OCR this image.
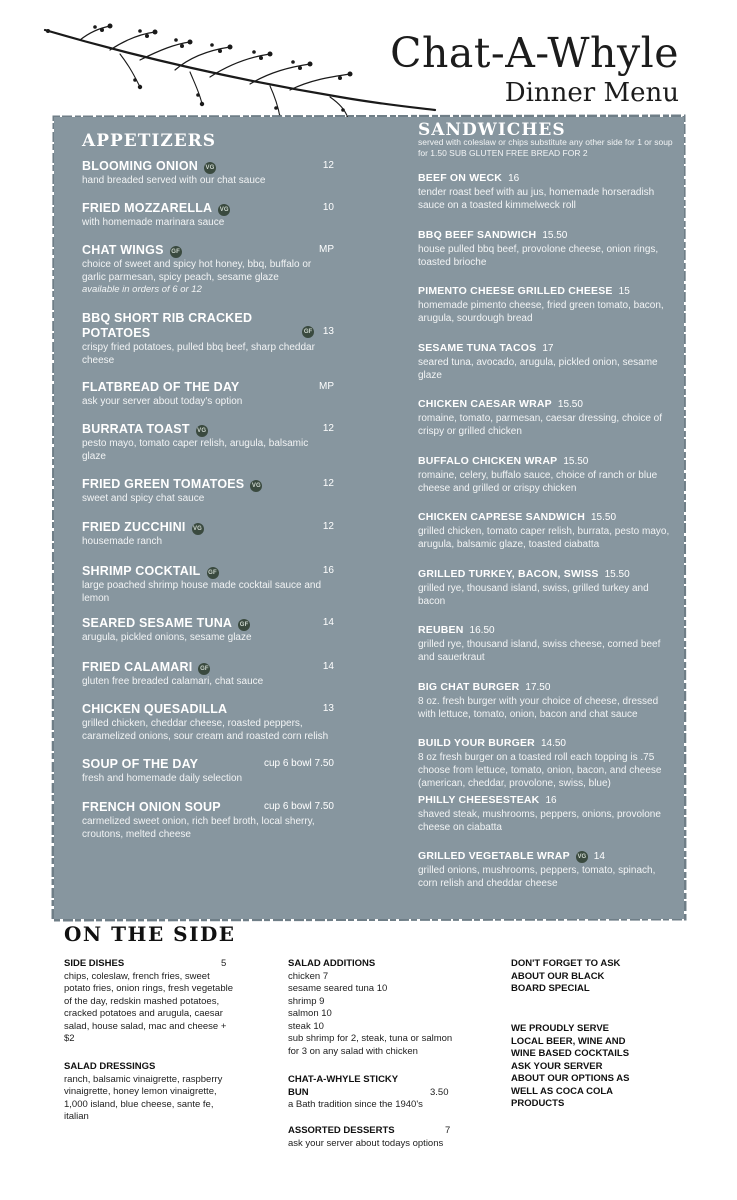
Chat-A-Whyle
Dinner Menu
APPETIZERS
BLOOMING ONION VG	12
hand breaded served with our chat sauce
FRIED MOZZARELLA VG	10
with homemade marinara sauce
CHAT WINGS GF	MP
choice of sweet and spicy hot honey, bbq, buffalo or garlic parmesan, spicy peach, sesame glaze
available in orders of 6 or 12
BBQ SHORT RIB CRACKED POTATOES	13
GF
crispy fried potatoes, pulled bbq beef, sharp cheddar cheese
FLATBREAD OF THE DAY	MP
ask your server about today's option
BURRATA TOAST VG	12
pesto mayo, tomato caper relish, arugula, balsamic glaze
FRIED GREEN TOMATOES VG	12
sweet and spicy chat sauce
FRIED ZUCCHINI VG	12
housemade ranch
SHRIMP COCKTAIL GF	16
large poached shrimp house made cocktail sauce and lemon
SEARED SESAME TUNA GF	14
arugula, pickled onions, sesame glaze
FRIED CALAMARI GF	14
gluten free breaded calamari, chat sauce
CHICKEN QUESADILLA	13
grilled chicken, cheddar cheese, roasted peppers, caramelized onions, sour cream and roasted corn relish
SOUP OF THE DAY	cup 6 bowl 7.50
fresh and homemade daily selection
FRENCH ONION SOUP	cup 6 bowl 7.50
carmelized sweet onion, rich beef broth, local sherry, croutons, melted cheese
SANDWICHES
served with coleslaw or chips substitute any other side for 1 or soup for 1.50 SUB GLUTEN FREE BREAD FOR 2
BEEF ON WECK 16
tender roast beef with au jus, homemade horseradish sauce on a toasted kimmelweck roll
BBQ BEEF SANDWICH 15.50
house pulled bbq beef, provolone cheese, onion rings, toasted brioche
PIMENTO CHEESE GRILLED CHEESE 15
homemade pimento cheese, fried green tomato, bacon, arugula, sourdough bread
SESAME TUNA TACOS 17
seared tuna, avocado, arugula, pickled onion, sesame glaze
CHICKEN CAESAR WRAP 15.50
romaine, tomato, parmesan, caesar dressing, choice of crispy or grilled chicken
BUFFALO CHICKEN WRAP 15.50
romaine, celery, buffalo sauce, choice of ranch or blue cheese and grilled or crispy chicken
CHICKEN CAPRESE SANDWICH 15.50
grilled chicken, tomato caper relish, burrata, pesto mayo, arugula, balsamic glaze, toasted ciabatta
GRILLED TURKEY, BACON, SWISS 15.50
grilled rye, thousand island, swiss, grilled turkey and bacon
REUBEN 16.50
grilled rye, thousand island, swiss cheese, corned beef and sauerkraut
BIG CHAT BURGER 17.50
8 oz. fresh burger with your choice of cheese, dressed with lettuce, tomato, onion, bacon and chat sauce
BUILD YOUR BURGER 14.50
8 oz fresh burger on a toasted roll each topping is .75 choose from lettuce, tomato, onion, bacon, and cheese (american, cheddar, provolone, swiss, blue)
PHILLY CHEESESTEAK 16
shaved steak, mushrooms, peppers, onions, provolone cheese on ciabatta
GRILLED VEGETABLE WRAP VG 14
grilled onions, mushrooms, peppers, tomato, spinach, corn relish and cheddar cheese
ON THE SIDE
SIDE DISHES	5
chips, coleslaw, french fries, sweet potato fries, onion rings, fresh vegetable of the day, redskin mashed potatoes, cracked potatoes and arugula, caesar salad, house salad, mac and cheese + $2
SALAD DRESSINGS
ranch, balsamic vinaigrette, raspberry vinaigrette, honey lemon vinaigrette, 1,000 island, blue cheese, sante fe, italian
SALAD ADDITIONS
chicken 7
sesame seared tuna 10
shrimp 9
salmon 10
steak 10
sub shrimp for 2, steak, tuna or salmon for 3 on any salad with chicken
CHAT-A-WHYLE STICKY BUN	3.50
a Bath tradition since the 1940's
ASSORTED DESSERTS	7
ask your server about todays options
DON'T FORGET TO ASK ABOUT OUR BLACK BOARD SPECIAL
WE PROUDLY SERVE LOCAL BEER, WINE AND WINE BASED COCKTAILS ASK YOUR SERVER ABOUT OUR OPTIONS AS WELL AS COCA COLA PRODUCTS
